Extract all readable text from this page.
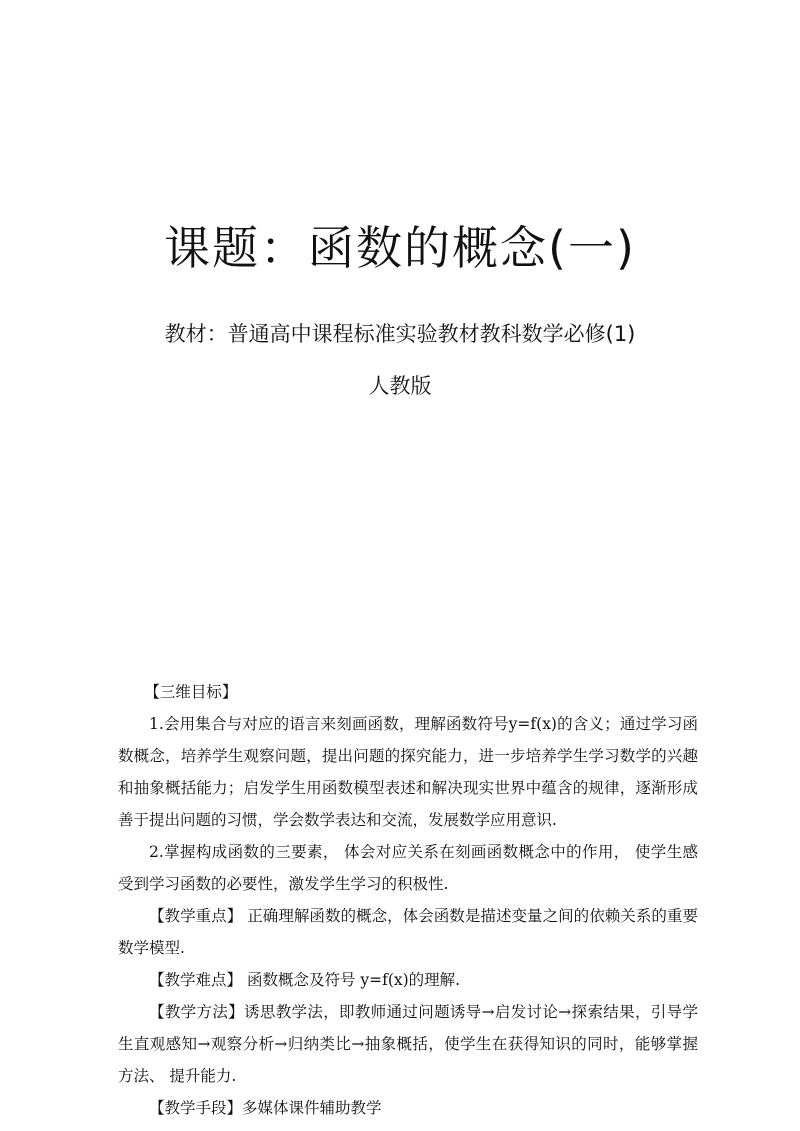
课题：函数的概念(一)
教材：普通高中课程标准实验教材教科数学必修(1)
人教版

【三维目标】

1.会用集合与对应的语言来刻画函数，理解函数符号y=f(x)的含义；通过学习函数概念，培养学生观察问题，提出问题的探究能力，进一步培养学生学习数学的兴趣和抽象概括能力；启发学生用函数模型表述和解决现实世界中蕴含的规律，逐渐形成善于提出问题的习惯，学会数学表达和交流，发展数学应用意识.

2.掌握构成函数的三要素， 体会对应关系在刻画函数概念中的作用， 使学生感受到学习函数的必要性，激发学生学习的积极性.

【教学重点】 正确理解函数的概念，体会函数是描述变量之间的依赖关系的重要数学模型.

【教学难点】 函数概念及符号 y=f(x)的理解.

【教学方法】诱思教学法，即教师通过问题诱导→启发讨论→探索结果，引导学生直观感知→观察分析→归纳类比→抽象概括，使学生在获得知识的同时，能够掌握方法、 提升能力.

【教学手段】多媒体课件辅助教学
